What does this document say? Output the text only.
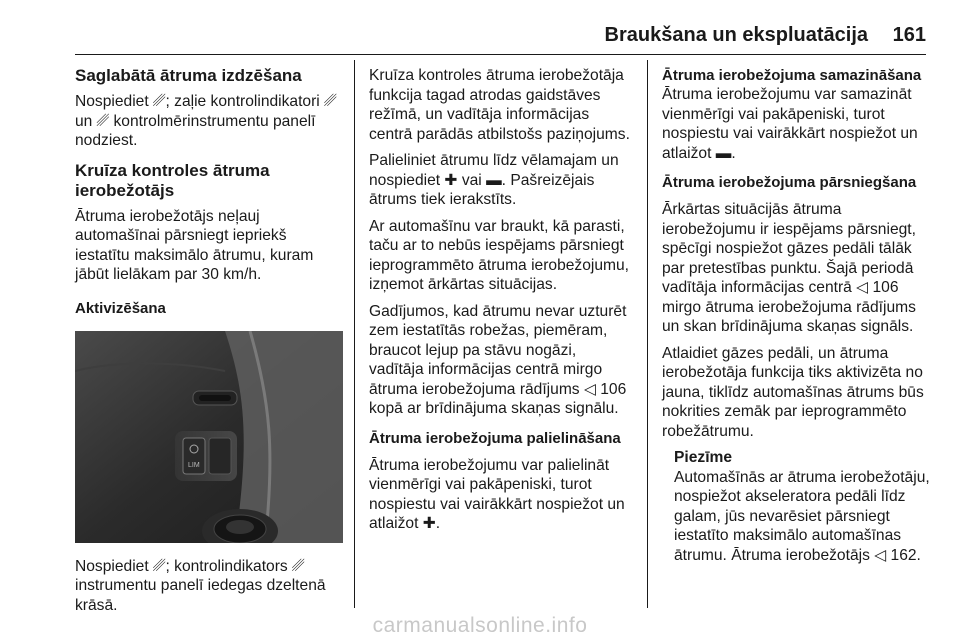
Braukšana un ekspluatācija 161
Saglabātā ātruma izdzēšana

Nospiediet ␥; zaļie kontrolindikatori ␥ un ␥ kontrolmērinstrumentu panelī nodziest.

Kruīza kontroles ātruma ierobežotājs

Ātruma ierobežotājs neļauj automašīnai pārsniegt iepriekš iestatītu maksimālo ātrumu, kuram jābūt lielākam par 30 km/h.

Aktivizēšana
LIM

Nospiediet ␥; kontrolindikators ␥ instrumentu panelī iedegas dzeltenā krāsā.

Kruīza kontroles ātruma ierobežotāja funkcija tagad atrodas gaidstāves režīmā, un vadītāja informācijas centrā parādās atbilstošs paziņojums.

Palieliniet ātrumu līdz vēlamajam un nospiediet ✚ vai ▬. Pašreizējais ātrums tiek ierakstīts.

Ar automašīnu var braukt, kā parasti, taču ar to nebūs iespējams pārsniegt ieprogrammēto ātruma ierobežojumu, izņemot ārkārtas situācijas.

Gadījumos, kad ātrumu nevar uzturēt zem iestatītās robežas, piemēram, braucot lejup pa stāvu nogāzi, vadītāja informācijas centrā mirgo ātruma ierobežojuma rādījums ◁ 106 kopā ar brīdinājuma skaņas signālu.

Ātruma ierobežojuma palielināšana

Ātruma ierobežojumu var palielināt vienmērīgi vai pakāpeniski, turot nospiestu vai vairākkārt nospiežot un atlaižot ✚.

Ātruma ierobežojuma samazināšana

Ātruma ierobežojumu var samazināt vienmērīgi vai pakāpeniski, turot nospiestu vai vairākkārt nospiežot un atlaižot ▬.

Ātruma ierobežojuma pārsniegšana

Ārkārtas situācijās ātruma ierobežojumu ir iespējams pārsniegt, spēcīgi nospiežot gāzes pedāli tālāk par pretestības punktu. Šajā periodā vadītāja informācijas centrā ◁ 106 mirgo ātruma ierobežojuma rādījums un skan brīdinājuma skaņas signāls.

Atlaidiet gāzes pedāli, un ātruma ierobežotāja funkcija tiks aktivizēta no jauna, tiklīdz automašīnas ātrums būs nokrities zemāk par ieprogrammēto robežātrumu.

Piezīme
Automašīnās ar ātruma ierobežotāju, nospiežot akseleratora pedāli līdz galam, jūs nevarēsiet pārsniegt iestatīto maksimālo automašīnas ātrumu. Ātruma ierobežotājs ◁ 162.
carmanualsonline.info
